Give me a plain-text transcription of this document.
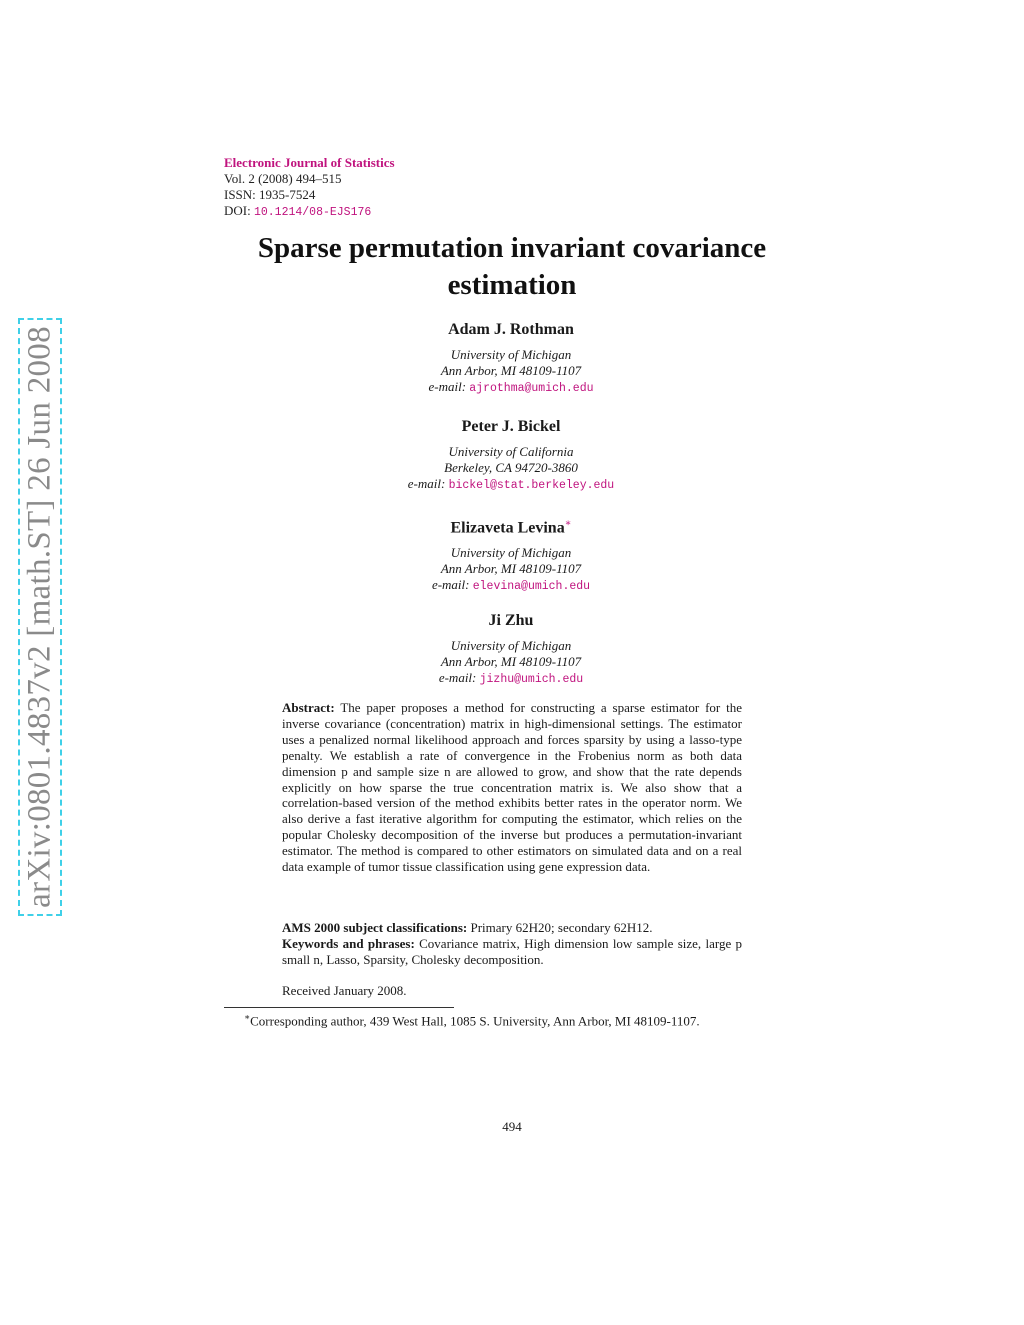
arXiv:0801.4837v2 [math.ST] 26 Jun 2008
Electronic Journal of Statistics
Vol. 2 (2008) 494–515
ISSN: 1935-7524
DOI: 10.1214/08-EJS176
Sparse permutation invariant covariance estimation
Adam J. Rothman
University of Michigan
Ann Arbor, MI 48109-1107
e-mail: ajrothma@umich.edu
Peter J. Bickel
University of California
Berkeley, CA 94720-3860
e-mail: bickel@stat.berkeley.edu
Elizaveta Levina∗
University of Michigan
Ann Arbor, MI 48109-1107
e-mail: elevina@umich.edu
Ji Zhu
University of Michigan
Ann Arbor, MI 48109-1107
e-mail: jizhu@umich.edu
Abstract: The paper proposes a method for constructing a sparse estimator for the inverse covariance (concentration) matrix in high-dimensional settings. The estimator uses a penalized normal likelihood approach and forces sparsity by using a lasso-type penalty. We establish a rate of convergence in the Frobenius norm as both data dimension p and sample size n are allowed to grow, and show that the rate depends explicitly on how sparse the true concentration matrix is. We also show that a correlation-based version of the method exhibits better rates in the operator norm. We also derive a fast iterative algorithm for computing the estimator, which relies on the popular Cholesky decomposition of the inverse but produces a permutation-invariant estimator. The method is compared to other estimators on simulated data and on a real data example of tumor tissue classification using gene expression data.
AMS 2000 subject classifications: Primary 62H20; secondary 62H12.
Keywords and phrases: Covariance matrix, High dimension low sample size, large p small n, Lasso, Sparsity, Cholesky decomposition.
Received January 2008.
∗Corresponding author, 439 West Hall, 1085 S. University, Ann Arbor, MI 48109-1107.
494
